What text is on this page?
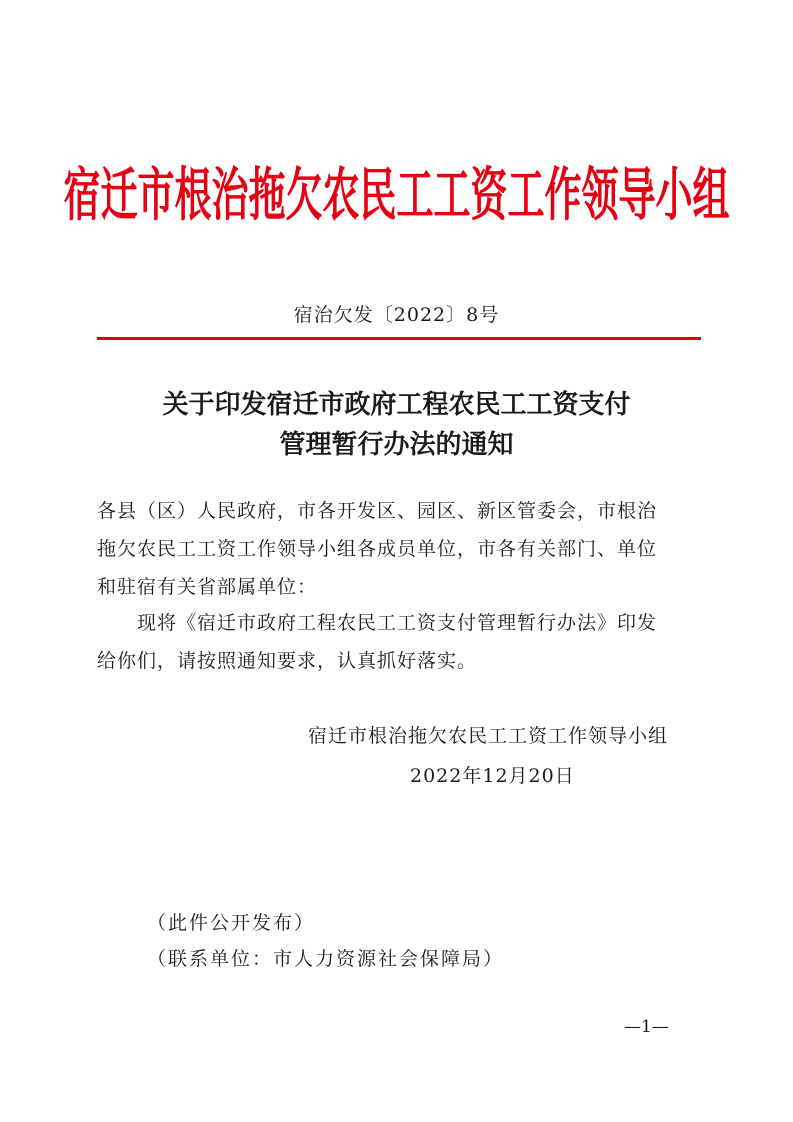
宿迁市根治拖欠农民工工资工作领导小组
宿治欠发〔2022〕8号
关于印发宿迁市政府工程农民工工资支付
管理暂行办法的通知
各县（区）人民政府，市各开发区、园区、新区管委会，市根治
拖欠农民工工资工作领导小组各成员单位，市各有关部门、单位
和驻宿有关省部属单位：
现将《宿迁市政府工程农民工工资支付管理暂行办法》印发
给你们，请按照通知要求，认真抓好落实。
宿迁市根治拖欠农民工工资工作领导小组
2022年12月20日
（此件公开发布）
（联系单位：市人力资源社会保障局）
—1—
